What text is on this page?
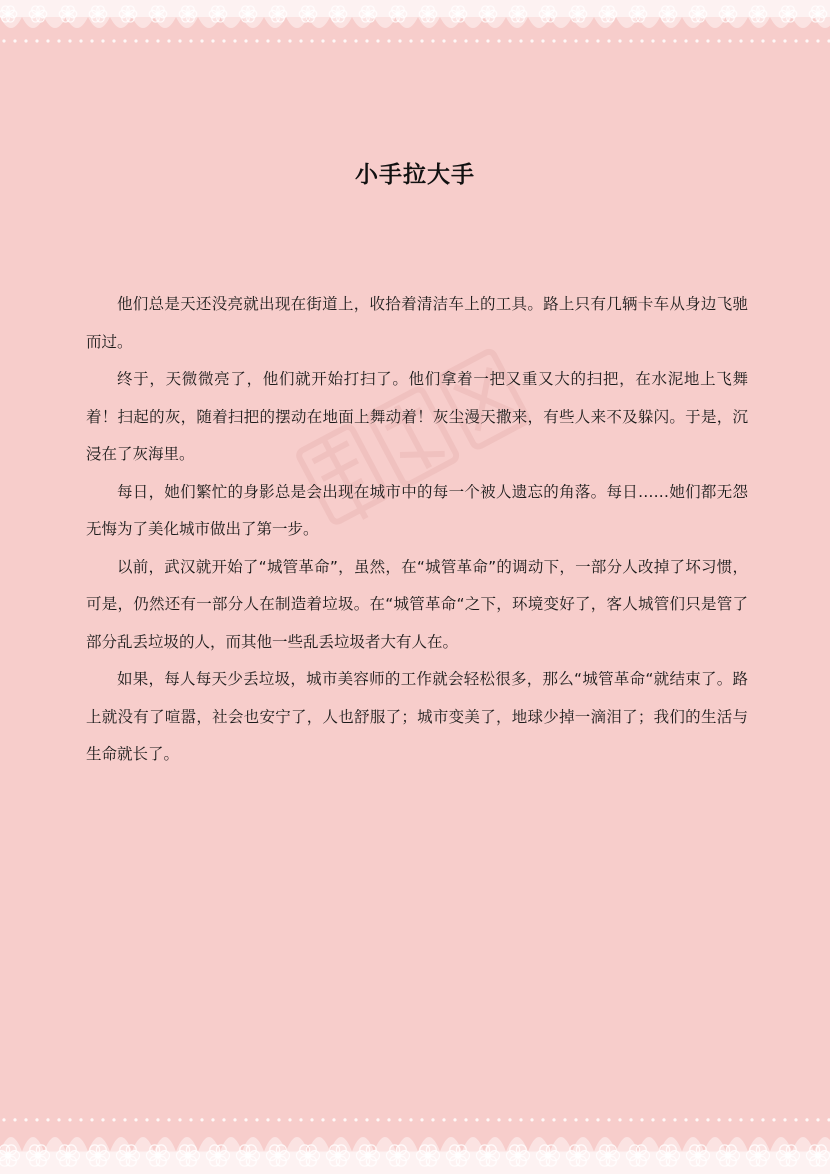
小手拉大手

他们总是天还没亮就出现在街道上，收拾着清洁车上的工具。路上只有几辆卡车从身边飞驰而过。

终于，天微微亮了，他们就开始打扫了。他们拿着一把又重又大的扫把，在水泥地上飞舞着！扫起的灰，随着扫把的摆动在地面上舞动着！灰尘漫天撒来，有些人来不及躲闪。于是，沉浸在了灰海里。

每日，她们繁忙的身影总是会出现在城市中的每一个被人遗忘的角落。每日……她们都无怨无悔为了美化城市做出了第一步。

以前，武汉就开始了“城管革命”，虽然，在“城管革命”的调动下，一部分人改掉了坏习惯，可是，仍然还有一部分人在制造着垃圾。在“城管革命“之下，环境变好了，客人城管们只是管了部分乱丢垃圾的人，而其他一些乱丢垃圾者大有人在。

如果，每人每天少丢垃圾，城市美容师的工作就会轻松很多，那么“城管革命“就结束了。路上就没有了喧嚣，社会也安宁了，人也舒服了；城市变美了，地球少掉一滴泪了；我们的生活与生命就长了。
